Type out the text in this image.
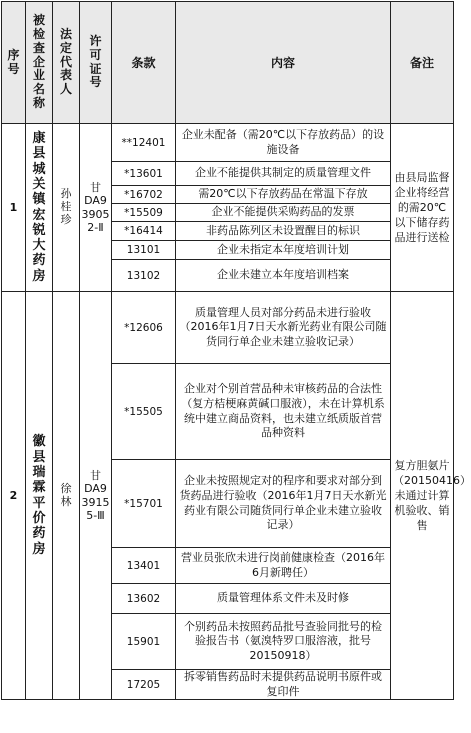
序号	被检查企业名称	法定代表人	许可证号	条款	内容	备注
1	康县城关镇宏锐大药房	孙桂珍	甘
DA9
3905
2-Ⅱ	**12401	企业未配备（需20℃以下存放药品）的设施设备	由县局监督企业将经营的需20℃以下储存药品进行送检

				*13601	企业不能提供其制定的质量管理文件	
				*16702	需20℃以下存放药品在常温下存放	
				*15509	企业不能提供采购药品的发票	
				*16414	非药品陈列区未设置醒目的标识	
				13101	企业未指定本年度培训计划	
				13102	企业未建立本年度培训档案	
2	徽县瑞霖平价药房	徐林	甘
DA9
3915
5-Ⅲ	*12606	质量管理人员对部分药品未进行验收（2016年1月7日天水新光药业有限公司随货同行单企业未建立验收记录）	复方胆氨片（20150416）未通过计算机验收、销售

				*15505	企业对个别首营品种未审核药品的合法性（复方桔梗麻黄碱口服液），未在计算机系统中建立商品资料，也未建立纸质版首营品种资料	
				*15701	企业未按照规定对的程序和要求对部分到货药品进行验收（2016年1月7日天水新光药业有限公司随货同行单企业未建立验收记录）	
				13401	营业员张欣未进行岗前健康检查（2016年6月新聘任）	
				13602	质量管理体系文件未及时修	
				15901	个别药品未按照药品批号查验同批号的检验报告书（氨溴特罗口服溶液，批号20150918）	
				17205	拆零销售药品时未提供药品说明书原件或复印件	
